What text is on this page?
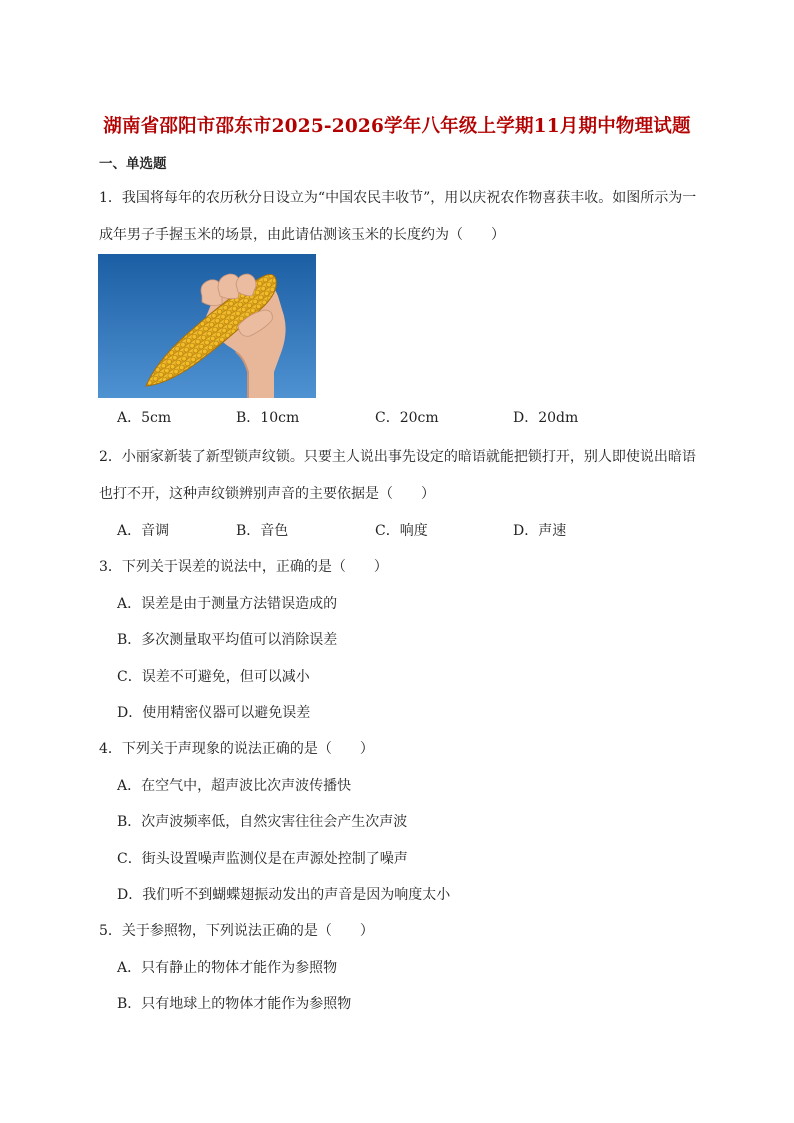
湖南省邵阳市邵东市2025-2026学年八年级上学期11月期中物理试题
一、单选题
1．我国将每年的农历秋分日设立为“中国农民丰收节”，用以庆祝农作物喜获丰收。如图所示为一
成年男子手握玉米的场景，由此请估测该玉米的长度约为（　　）
A．5cm	B．10cm	C．20cm	D．20dm
2．小丽家新装了新型锁声纹锁。只要主人说出事先设定的暗语就能把锁打开，别人即使说出暗语
也打不开，这种声纹锁辨别声音的主要依据是（　　）
A．音调	B．音色	C．响度	D．声速
3．下列关于误差的说法中，正确的是（　　）
A．误差是由于测量方法错误造成的
B．多次测量取平均值可以消除误差
C．误差不可避免，但可以减小
D．使用精密仪器可以避免误差
4．下列关于声现象的说法正确的是（　　）
A．在空气中，超声波比次声波传播快
B．次声波频率低，自然灾害往往会产生次声波
C．街头设置噪声监测仪是在声源处控制了噪声
D．我们听不到蝴蝶翅振动发出的声音是因为响度太小
5．关于参照物，下列说法正确的是（　　）
A．只有静止的物体才能作为参照物
B．只有地球上的物体才能作为参照物
